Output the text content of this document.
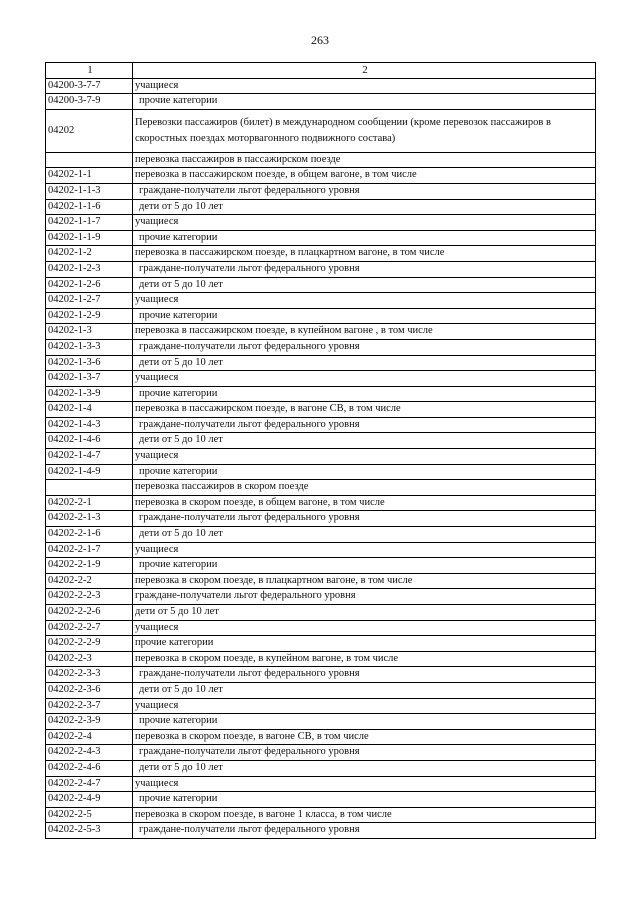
263
1	2
04200-3-7-7	учащиеся
04200-3-7-9	прочие категории
04202	Перевозки пассажиров (билет) в международном сообщении (кроме перевозок пассажиров в скоростных поездах моторвагонного подвижного состава)
	перевозка пассажиров в пассажирском поезде
04202-1-1	перевозка в пассажирском поезде, в общем вагоне, в том числе
04202-1-1-3	граждане-получатели льгот федерального уровня
04202-1-1-6	дети от 5 до 10 лет
04202-1-1-7	учащиеся
04202-1-1-9	прочие категории
04202-1-2	перевозка в пассажирском поезде, в плацкартном вагоне, в том числе
04202-1-2-3	граждане-получатели льгот федерального уровня
04202-1-2-6	дети от 5 до 10 лет
04202-1-2-7	учащиеся
04202-1-2-9	прочие категории
04202-1-3	перевозка в пассажирском поезде, в купейном вагоне , в том числе
04202-1-3-3	граждане-получатели льгот федерального уровня
04202-1-3-6	дети от 5 до 10 лет
04202-1-3-7	учащиеся
04202-1-3-9	прочие категории
04202-1-4	перевозка в пассажирском поезде, в вагоне СВ, в том числе
04202-1-4-3	граждане-получатели льгот федерального уровня
04202-1-4-6	дети от 5 до 10 лет
04202-1-4-7	учащиеся
04202-1-4-9	прочие категории
	перевозка пассажиров в скором поезде
04202-2-1	перевозка в скором поезде, в общем вагоне, в том числе
04202-2-1-3	граждане-получатели льгот федерального уровня
04202-2-1-6	дети от 5 до 10 лет
04202-2-1-7	учащиеся
04202-2-1-9	прочие категории
04202-2-2	перевозка в скором поезде, в плацкартном вагоне, в том числе
04202-2-2-3	граждане-получатели льгот федерального уровня
04202-2-2-6	дети от 5 до 10 лет
04202-2-2-7	учащиеся
04202-2-2-9	прочие категории
04202-2-3	перевозка в скором поезде, в купейном вагоне, в том числе
04202-2-3-3	граждане-получатели льгот федерального уровня
04202-2-3-6	дети от 5 до 10 лет
04202-2-3-7	учащиеся
04202-2-3-9	прочие категории
04202-2-4	перевозка в скором поезде, в вагоне СВ, в том числе
04202-2-4-3	граждане-получатели льгот федерального уровня
04202-2-4-6	дети от 5 до 10 лет
04202-2-4-7	учащиеся
04202-2-4-9	прочие категории
04202-2-5	перевозка в скором поезде, в вагоне 1 класса, в том числе
04202-2-5-3	граждане-получатели льгот федерального уровня
